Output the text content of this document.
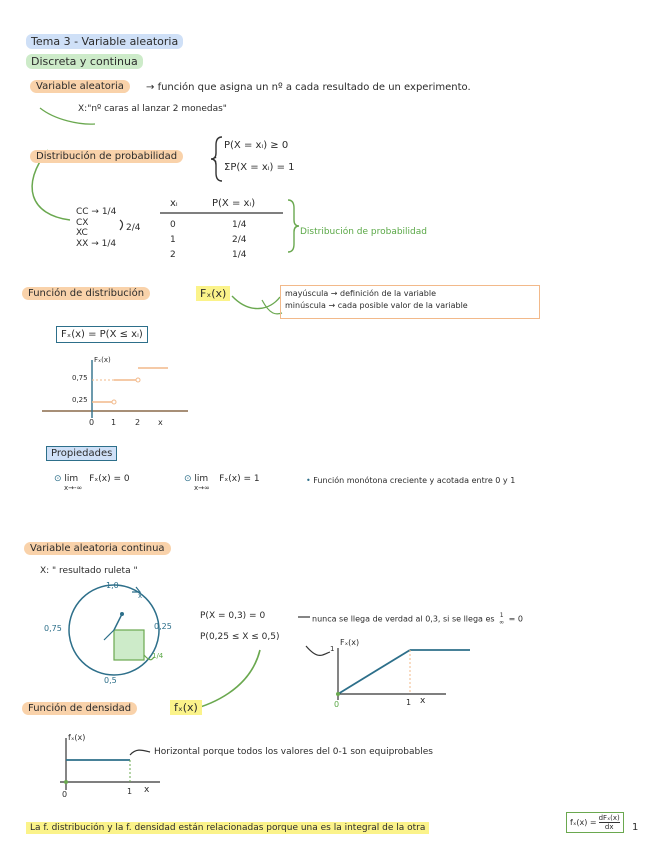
Tema 3 - Variable aleatoria
Discreta y continua
Variable aleatoria	→ función que asigna un nº a cada resultado de un experimento.
X:"nº caras al lanzar 2 monedas"
Distribución de probabilidad	:
P(X = xᵢ) ≥ 0
ΣP(X = xᵢ) = 1
CC → 1/4
CX
XC
XX → 1/4
2/4
xᵢ	P(X = xᵢ)
0	1/4
1	2/4
2	1/4
Distribución de probabilidad
Función de distribución	Fₓ(x)	mayúscula → definición de la variable
minúscula → cada posible valor de la variable
Fₓ(x) = P(X ≤ xᵢ)
Fₓ(x)
0,75
0,25
0 1 2 x
Propiedades
⊙ lim Fₓ(x) = 0
x→-∞
⊙ lim Fₓ(x) = 1
x→∞
• Función monótona creciente y acotada entre 0 y 1
Variable aleatoria continua
X: " resultado ruleta "
1,0
0,75	0,25
0,5
1/4
x
P(X = 0,3) = 0	nunca se llega de verdad al 0,3, si se llega es 1
∞ = 0
P(0,25 ≤ X ≤ 0,5)
Fₓ(x)
1
0	1 x
Función de densidad	fₓ(x)
fₓ(x)
0	1 x
Horizontal porque todos los valores del 0-1 son equiprobables
La f. distribución y la f. densidad están relacionadas porque una es la integral de la otra
fₓ(x) = dFₓ(x)
dx	1
